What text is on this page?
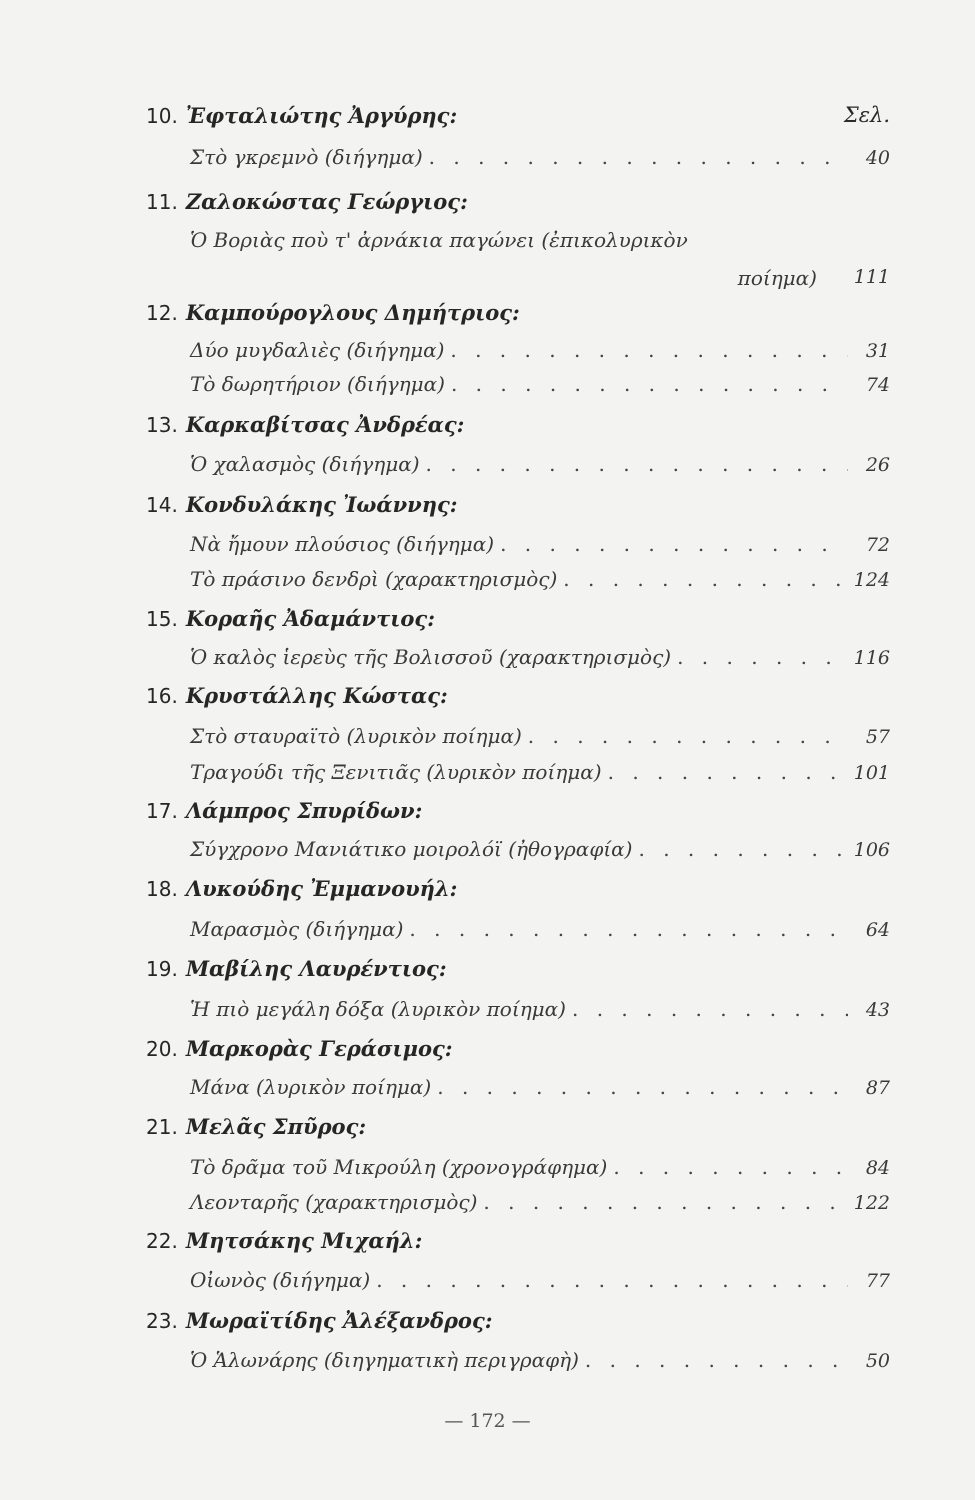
Σελ.
10. Ἐφταλιώτης Ἀργύρης:
Στὸ γκρεμνὸ (διήγημα) . . .	40
11. Ζαλοκώστας Γεώργιος:
Ὁ Βοριὰς ποὺ τ' ἀρνάκια παγώνει (ἐπικολυρικὸν
ποίημα) 111
12. Καμπούρογλους Δημήτριος:
Δύο μυγδαλιὲς (διήγημα) . . .	31
Τὸ δωρητήριον (διήγημα) . . .	74
13. Καρκαβίτσας Ἀνδρέας:
Ὁ χαλασμὸς (διήγημα) . . .	26
14. Κονδυλάκης Ἰωάννης:
Νὰ ἤμουν πλούσιος (διήγημα) . . .	72
Τὸ πράσινο δενδρὶ (χαρακτηρισμὸς) . . .	124
15. Κοραῆς Ἀδαμάντιος:
Ὁ καλὸς ἱερεὺς τῆς Βολισσοῦ (χαρακτηρισμὸς) . . .	116
16. Κρυστάλλης Κώστας:
Στὸ σταυραϊτὸ (λυρικὸν ποίημα) . . .	57
Τραγούδι τῆς Ξενιτιᾶς (λυρικὸν ποίημα) . . .	101
17. Λάμπρος Σπυρίδων:
Σύγχρονο Μανιάτικο μοιρολόϊ (ἠθογραφία) . . .	106
18. Λυκούδης Ἐμμανουήλ:
Μαρασμὸς (διήγημα) . . .	64
19. Μαβίλης Λαυρέντιος:
Ἡ πιὸ μεγάλη δόξα (λυρικὸν ποίημα) . . .	43
20. Μαρκορὰς Γεράσιμος:
Μάνα (λυρικὸν ποίημα) . . .	87
21. Μελᾶς Σπῦρος:
Τὸ δρᾶμα τοῦ Μικρούλη (χρονογράφημα) . . .	84
Λεονταρῆς (χαρακτηρισμὸς) . . .	122
22. Μητσάκης Μιχαήλ:
Οἰωνὸς (διήγημα) . . .	77
23. Μωραϊτίδης Ἀλέξανδρος:
Ὁ Ἁλωνάρης (διηγηματικὴ περιγραφὴ) . . .	50
— 172 —
